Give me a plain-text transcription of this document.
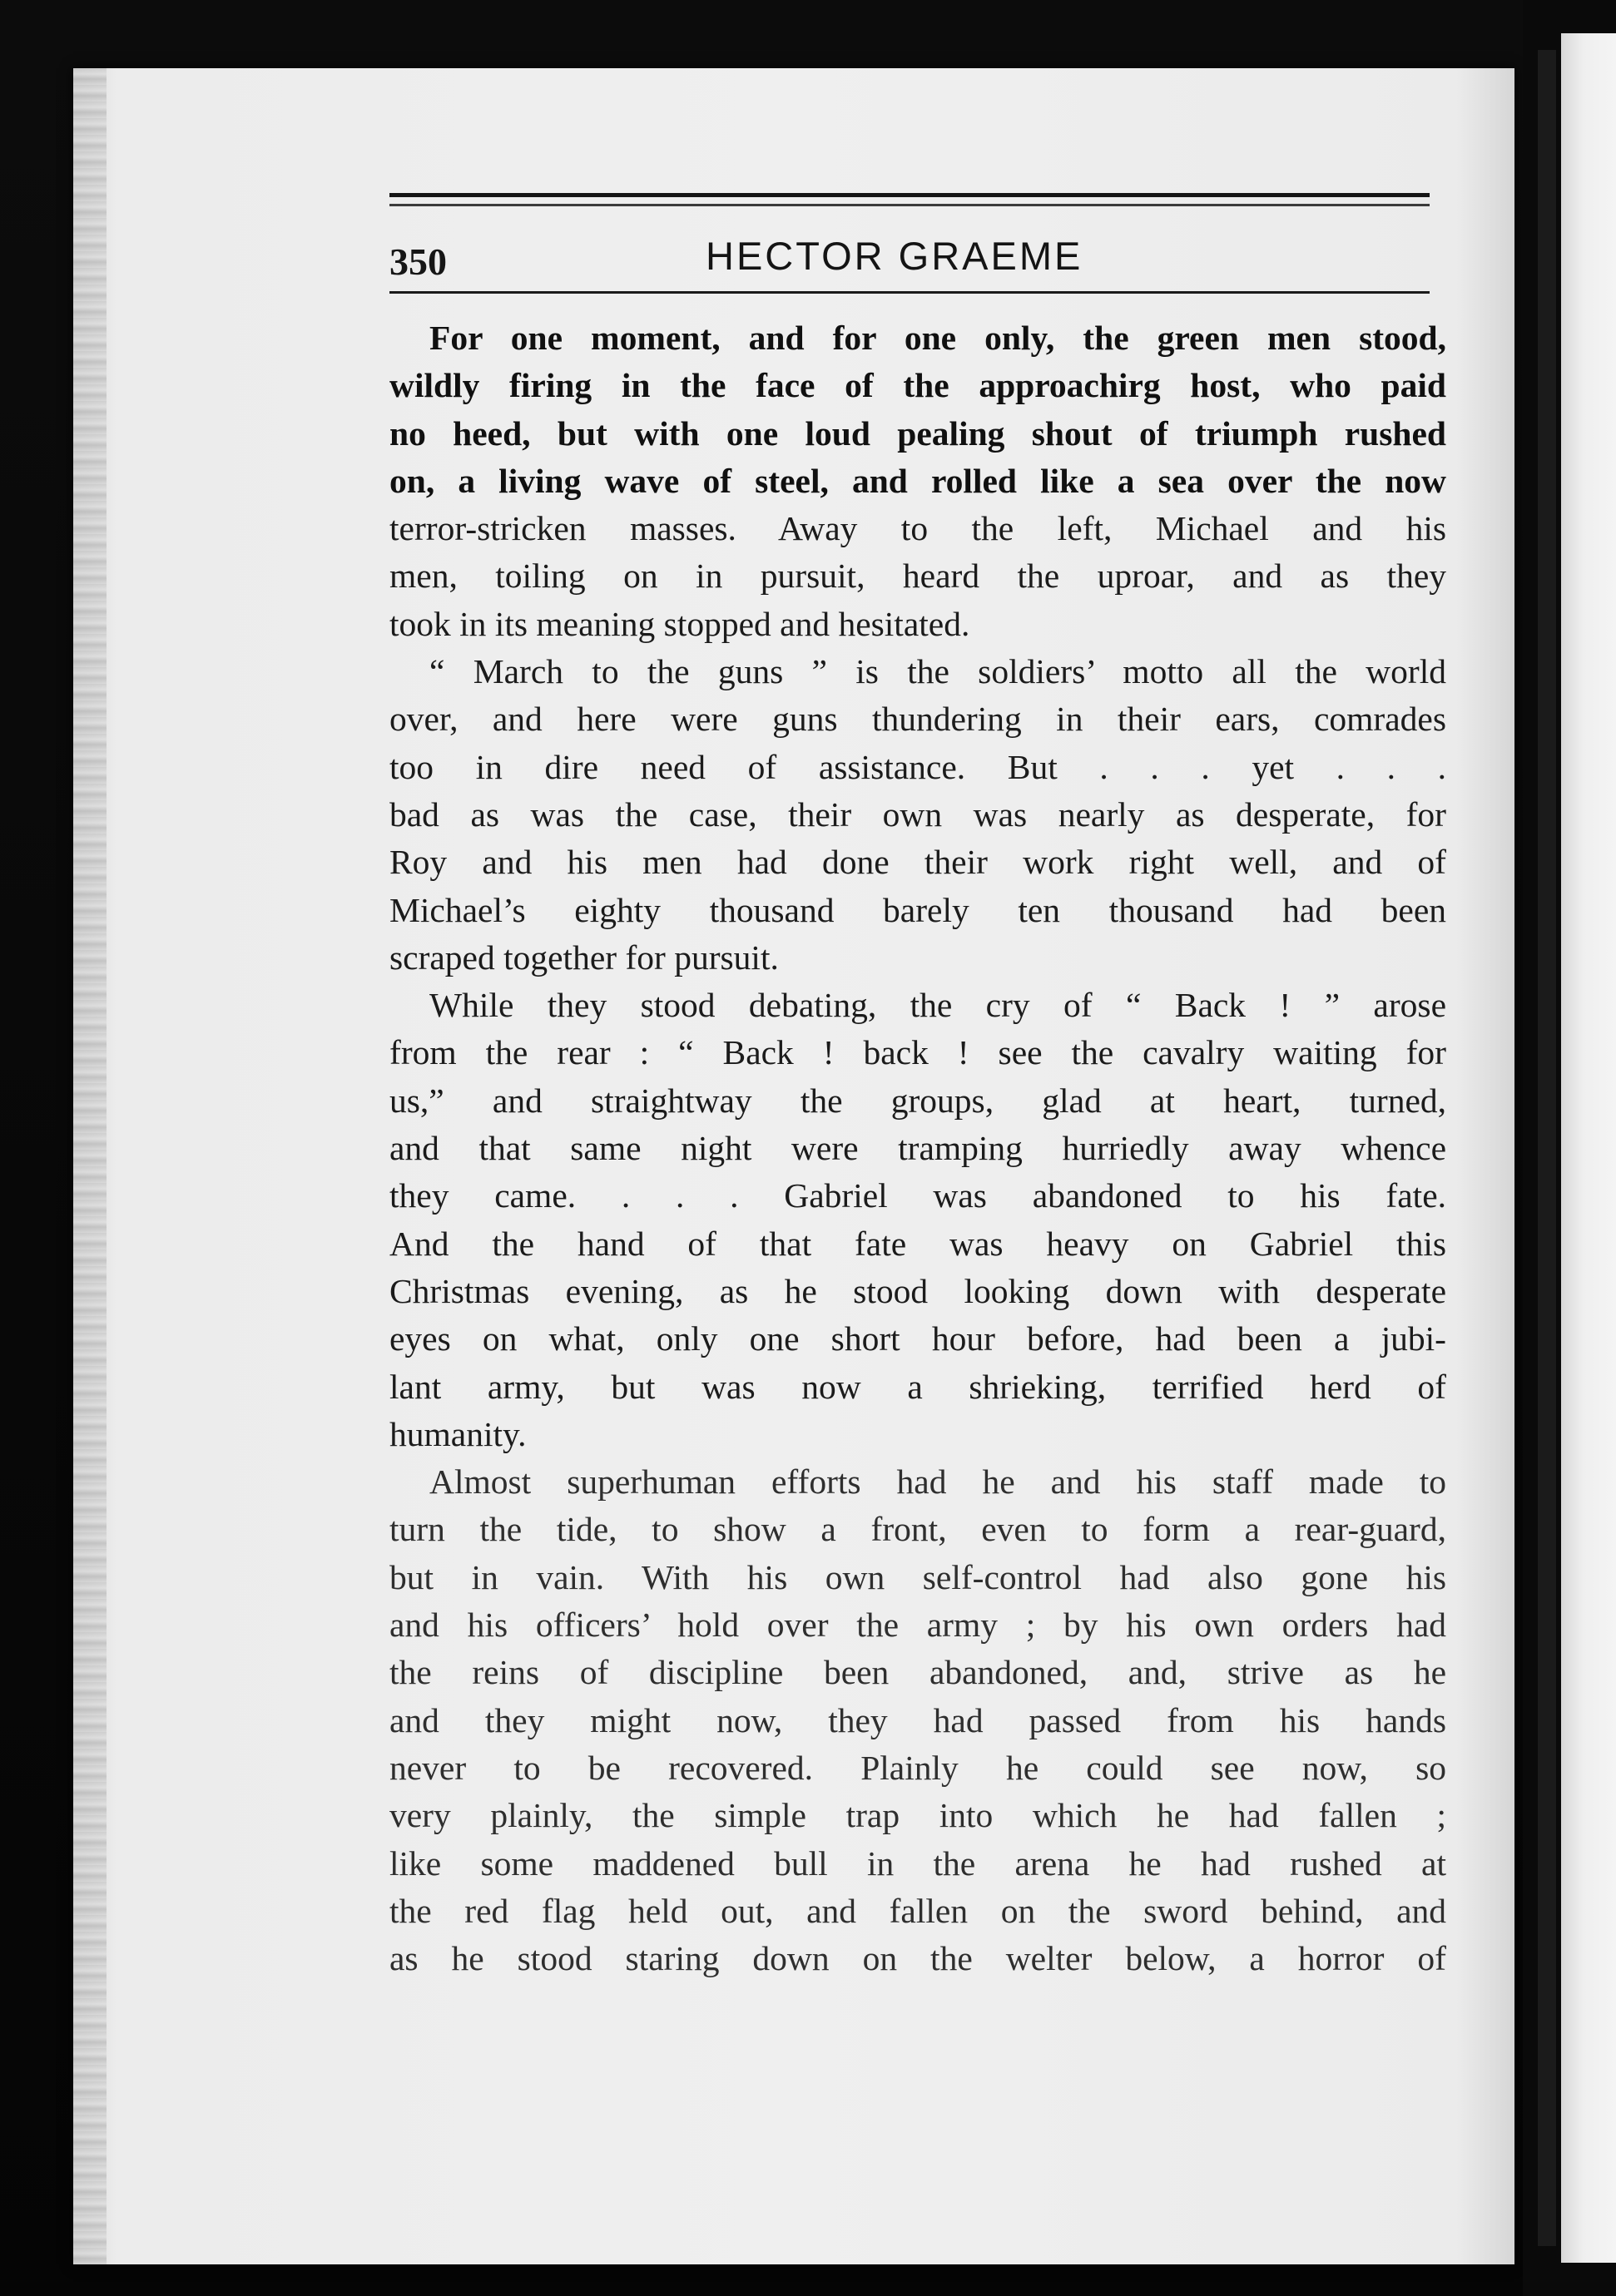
350	HECTOR GRAEME
For one moment, and for one only, the green men stood,
wildly firing in the face of the approachirg host, who paid
no heed, but with one loud pealing shout of triumph rushed
on, a living wave of steel, and rolled like a sea over the now
terror-stricken masses. Away to the left, Michael and his
men, toiling on in pursuit, heard the uproar, and as they
took in its meaning stopped and hesitated.
“ March to the guns ” is the soldiers’ motto all the world
over, and here were guns thundering in their ears, comrades
too in dire need of assistance. But . . . yet . . .
bad as was the case, their own was nearly as desperate, for
Roy and his men had done their work right well, and of
Michael’s eighty thousand barely ten thousand had been
scraped together for pursuit.
While they stood debating, the cry of “ Back ! ” arose
from the rear : “ Back ! back ! see the cavalry waiting for
us,” and straightway the groups, glad at heart, turned,
and that same night were tramping hurriedly away whence
they came. . . . Gabriel was abandoned to his fate.
And the hand of that fate was heavy on Gabriel this
Christmas evening, as he stood looking down with desperate
eyes on what, only one short hour before, had been a jubi-
lant army, but was now a shrieking, terrified herd of
humanity.
Almost superhuman efforts had he and his staff made to
turn the tide, to show a front, even to form a rear-guard,
but in vain. With his own self-control had also gone his
and his officers’ hold over the army ; by his own orders had
the reins of discipline been abandoned, and, strive as he
and they might now, they had passed from his hands
never to be recovered. Plainly he could see now, so
very plainly, the simple trap into which he had fallen ;
like some maddened bull in the arena he had rushed at
the red flag held out, and fallen on the sword behind, and
as he stood staring down on the welter below, a horror of
